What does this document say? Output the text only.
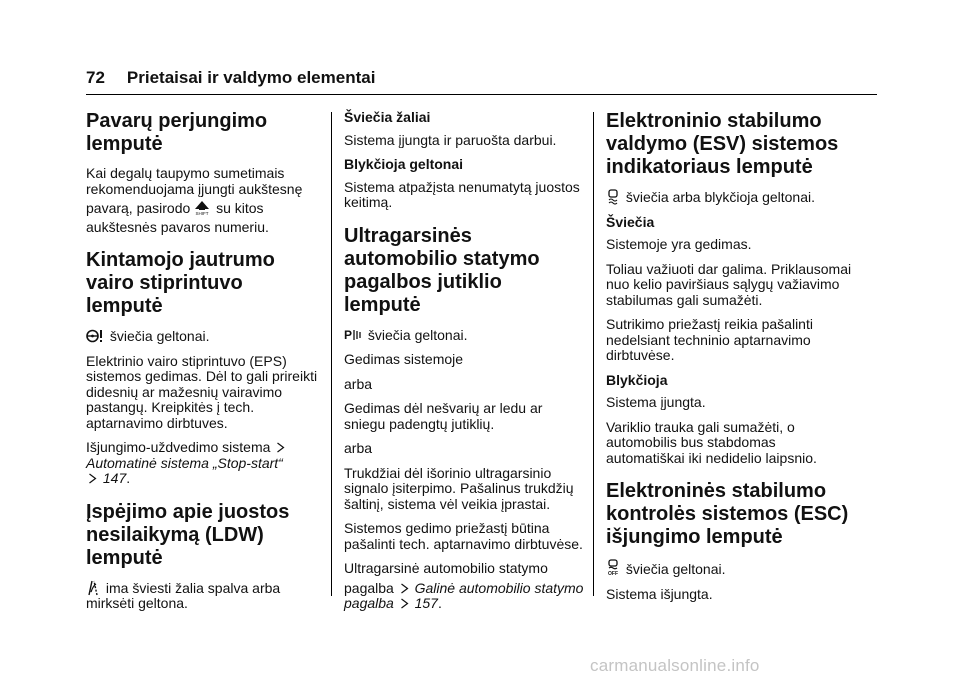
72 Prietaisai ir valdymo elementai
Pavarų perjungimo lemputė

Kai degalų taupymo sumetimais rekomenduojama įjungti aukštesnę

pavarą, pasirodo SHIFT su kitos

aukštesnės pavaros numeriu.

Kintamojo jautrumo vairo stiprintuvo lemputė

šviečia geltonai.

Elektrinio vairo stiprintuvo (EPS) sistemos gedimas. Dėl to gali prireikti didesnių ar mažesnių vairavimo pastangų. Kreipkitės į tech. aptarnavimo dirbtuves.

Išjungimo-uždvedimo sistema
Automatinė sistema „Stop-start“
147.

Įspėjimo apie juostos nesilaikymą (LDW) lemputė

ima šviesti žalia spalva arba mirksėti geltona.

Šviečia žaliai

Sistema įjungta ir paruošta darbui.

Blykčioja geltonai

Sistema atpažįsta nenumatytą juostos keitimą.

Ultragarsinės automobilio statymo pagalbos jutiklio lemputė

P šviečia geltonai.

Gedimas sistemoje

arba

Gedimas dėl nešvarių ar ledu ar sniegu padengtų jutiklių.

arba

Trukdžiai dėl išorinio ultragarsinio signalo įsiterpimo. Pašalinus trukdžių šaltinį, sistema vėl veikia įprastai.

Sistemos gedimo priežastį būtina pašalinti tech. aptarnavimo dirbtuvėse.

Ultragarsinė automobilio statymo

pagalba Galinė automobilio statymo pagalba 157.

Elektroninio stabilumo valdymo (ESV) sistemos indikatoriaus lemputė

šviečia arba blykčioja geltonai.

Šviečia

Sistemoje yra gedimas.

Toliau važiuoti dar galima. Priklausomai nuo kelio paviršiaus sąlygų važiavimo stabilumas gali sumažėti.

Sutrikimo priežastį reikia pašalinti nedelsiant techninio aptarnavimo dirbtuvėse.

Blykčioja

Sistema įjungta.

Variklio trauka gali sumažėti, o automobilis bus stabdomas automatiškai iki nedidelio laipsnio.

Elektroninės stabilumo kontrolės sistemos (ESC) išjungimo lemputė

OFF šviečia geltonai.

Sistema išjungta.

carmanualsonline.info
